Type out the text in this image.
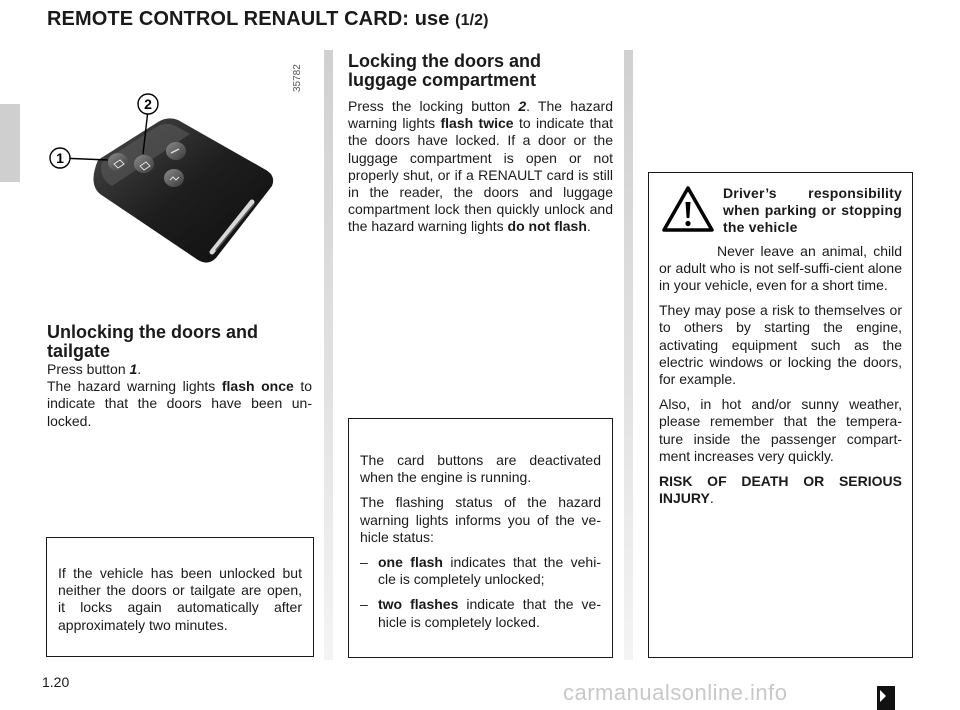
REMOTE CONTROL RENAULT CARD: use (1/2)
1
2
35782
Unlocking the doors and tailgate
Press button 1.
The hazard warning lights flash once to indicate that the doors have been un-locked.

If the vehicle has been unlocked but neither the doors or tailgate are open, it locks again automatically after approximately two minutes.

Locking the doors and luggage compartment
Press the locking button 2. The hazard warning lights flash twice to indicate that the doors have locked. If a door or the luggage compartment is open or not properly shut, or if a RENAULT card is still in the reader, the doors and luggage compartment lock then quickly unlock and the hazard warning lights do not flash.

The card buttons are deactivated when the engine is running.

The flashing status of the hazard warning lights informs you of the ve-hicle status:

– one flash indicates that the vehi-cle is completely unlocked;
– two flashes indicate that the ve-hicle is completely locked.
Driver’s responsibility when parking or stopping the vehicle

Never leave an animal, child or adult who is not self-suffi-cient alone in your vehicle, even for a short time.

They may pose a risk to themselves or to others by starting the engine, activating equipment such as the electric windows or locking the doors, for example.

Also, in hot and/or sunny weather, please remember that the tempera-ture inside the passenger compart-ment increases very quickly.

RISK OF DEATH OR SERIOUS INJURY.

1.20	carmanualsonline.info
